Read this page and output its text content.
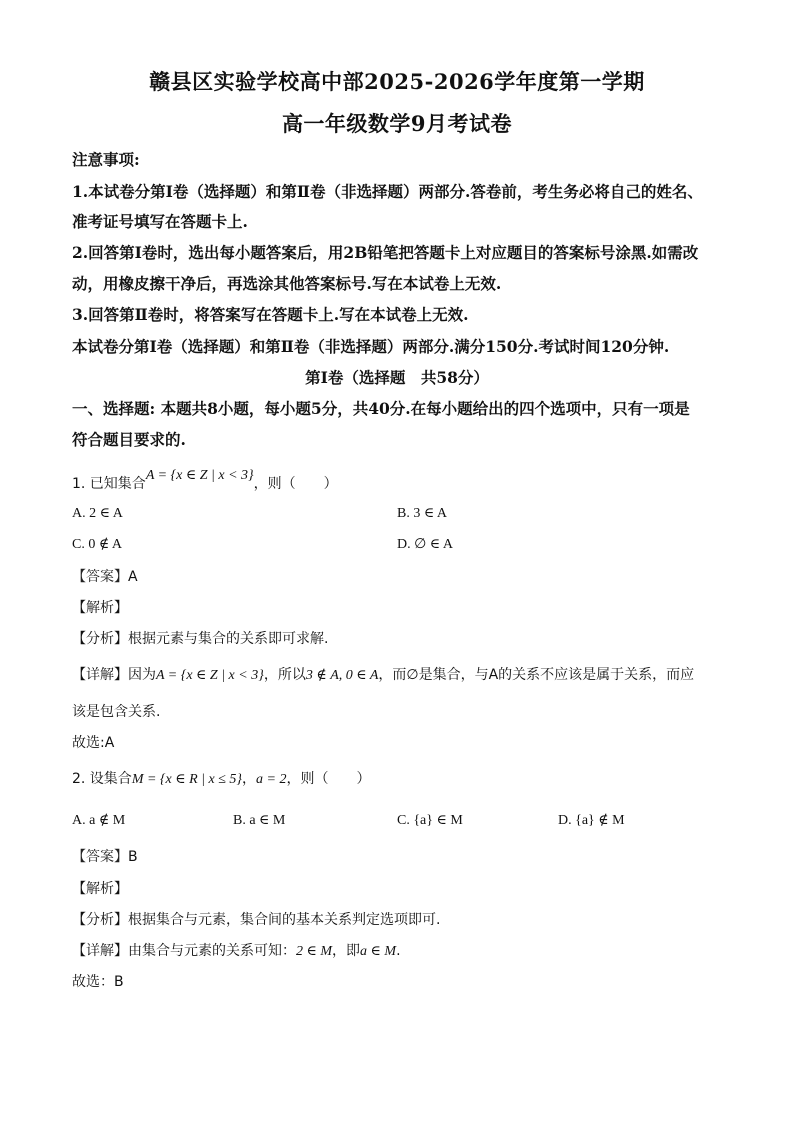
赣县区实验学校高中部2025-2026学年度第一学期
高一年级数学9月考试卷
注意事项:
1.本试卷分第Ⅰ卷（选择题）和第Ⅱ卷（非选择题）两部分.答卷前，考生务必将自己的姓名、
准考证号填写在答题卡上.
2.回答第Ⅰ卷时，选出每小题答案后，用2B铅笔把答题卡上对应题目的答案标号涂黑.如需改
动，用橡皮擦干净后，再选涂其他答案标号.写在本试卷上无效.
3.回答第Ⅱ卷时，将答案写在答题卡上.写在本试卷上无效.
本试卷分第Ⅰ卷（选择题）和第Ⅱ卷（非选择题）两部分.满分150分.考试时间120分钟.
第Ⅰ卷（选择题　共58分）
一、选择题: 本题共8小题，每小题5分，共40分.在每小题给出的四个选项中，只有一项是
符合题目要求的.
1. 已知集合A = {x ∈ Z | x < 3}，则（　　）
A. 2 ∈ A	B. 3 ∈ A
C. 0 ∉ A	D. ∅ ∈ A
【答案】A
【解析】
【分析】根据元素与集合的关系即可求解.
【详解】因为A = {x ∈ Z | x < 3}，所以3 ∉ A, 0 ∈ A，而∅是集合，与A的关系不应该是属于关系，而应
该是包含关系.
故选:A
2. 设集合M = {x ∈ R | x ≤ 5}，a = 2，则（　　）
A. a ∉ M	B. a ∈ M	C. {a} ∈ M	D. {a} ∉ M
【答案】B
【解析】
【分析】根据集合与元素，集合间的基本关系判定选项即可.
【详解】由集合与元素的关系可知：2 ∈ M，即a ∈ M.
故选：B
